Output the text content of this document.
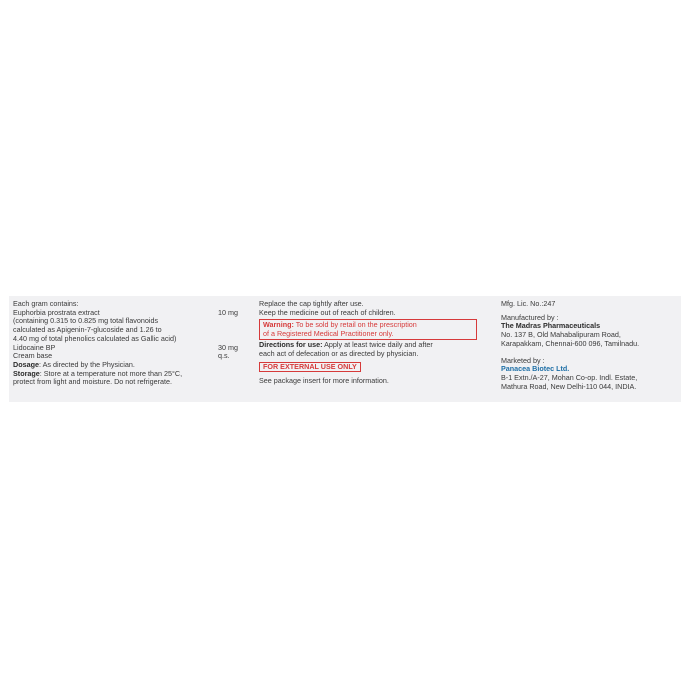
Each gram contains:
Euphorbia prostrata extract	10 mg
(containing 0.315 to 0.825 mg total flavonoids
calculated as Apigenin-7-glucoside and 1.26 to
4.40 mg of total phenolics calculated as Gallic acid)
Lidocaine BP	30 mg
Cream base	q.s.
Dosage: As directed by the Physician.
Storage: Store at a temperature not more than 25°C,
protect from light and moisture. Do not refrigerate.
Replace the cap tightly after use.
Keep the medicine out of reach of children.
Warning: To be sold by retail on the prescription
of a Registered Medical Practitioner only.
Directions for use: Apply at least twice daily and after
each act of defecation or as directed by physician.
FOR EXTERNAL USE ONLY
See package insert for more information.
Mfg. Lic. No.:247
Manufactured by :
The Madras Pharmaceuticals
No. 137 B, Old Mahabalipuram Road,
Karapakkam, Chennai-600 096, Tamilnadu.
Marketed by :
Panacea Biotec Ltd.
B-1 Extn./A-27, Mohan Co-op. Indl. Estate,
Mathura Road, New Delhi-110 044, INDIA.
